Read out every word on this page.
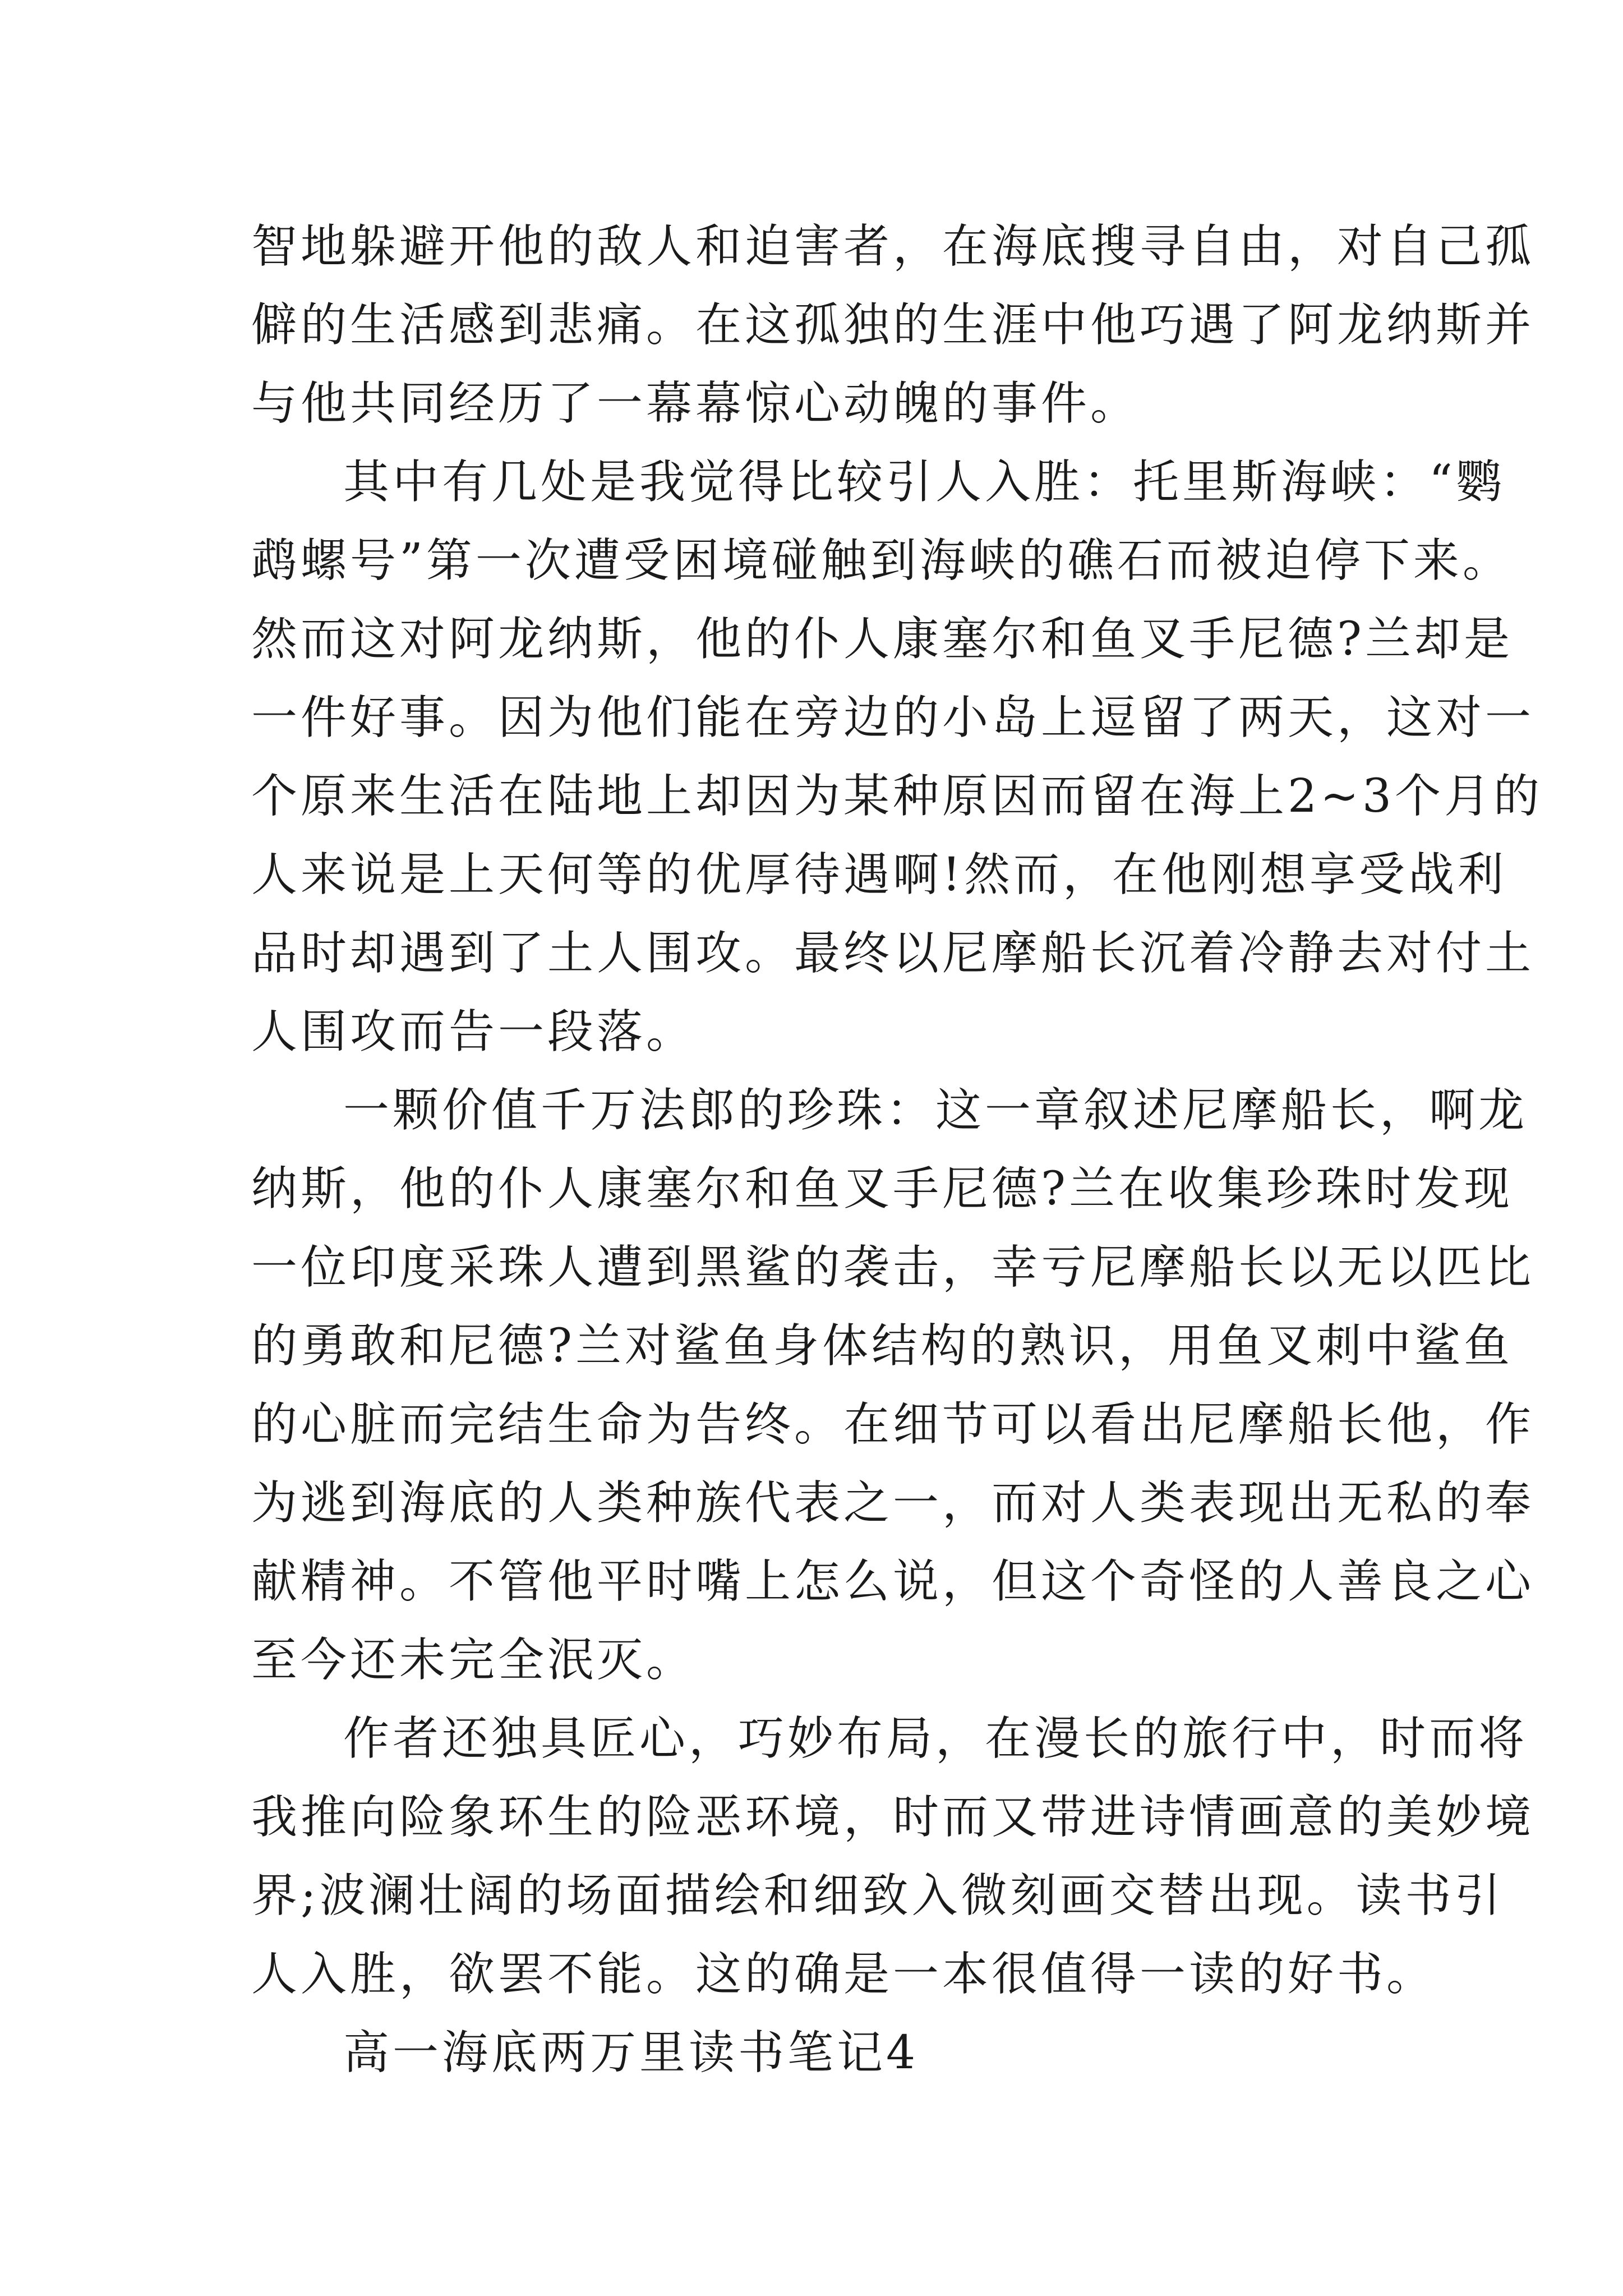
智地躲避开他的敌人和迫害者，在海底搜寻自由，对自己孤
僻的生活感到悲痛。在这孤独的生涯中他巧遇了阿龙纳斯并
与他共同经历了一幕幕惊心动魄的事件。
其中有几处是我觉得比较引人入胜：托里斯海峡：“鹦
鹉螺号”第一次遭受困境碰触到海峡的礁石而被迫停下来。
然而这对阿龙纳斯，他的仆人康塞尔和鱼叉手尼德?兰却是
一件好事。因为他们能在旁边的小岛上逗留了两天，这对一
个原来生活在陆地上却因为某种原因而留在海上2~3个月的
人来说是上天何等的优厚待遇啊!然而，在他刚想享受战利
品时却遇到了土人围攻。最终以尼摩船长沉着冷静去对付土
人围攻而告一段落。
一颗价值千万法郎的珍珠：这一章叙述尼摩船长，啊龙
纳斯，他的仆人康塞尔和鱼叉手尼德?兰在收集珍珠时发现
一位印度采珠人遭到黑鲨的袭击，幸亏尼摩船长以无以匹比
的勇敢和尼德?兰对鲨鱼身体结构的熟识，用鱼叉刺中鲨鱼
的心脏而完结生命为告终。在细节可以看出尼摩船长他，作
为逃到海底的人类种族代表之一，而对人类表现出无私的奉
献精神。不管他平时嘴上怎么说，但这个奇怪的人善良之心
至今还未完全泯灭。
作者还独具匠心，巧妙布局，在漫长的旅行中，时而将
我推向险象环生的险恶环境，时而又带进诗情画意的美妙境
界;波澜壮阔的场面描绘和细致入微刻画交替出现。读书引
人入胜，欲罢不能。这的确是一本很值得一读的好书。
高一海底两万里读书笔记4
